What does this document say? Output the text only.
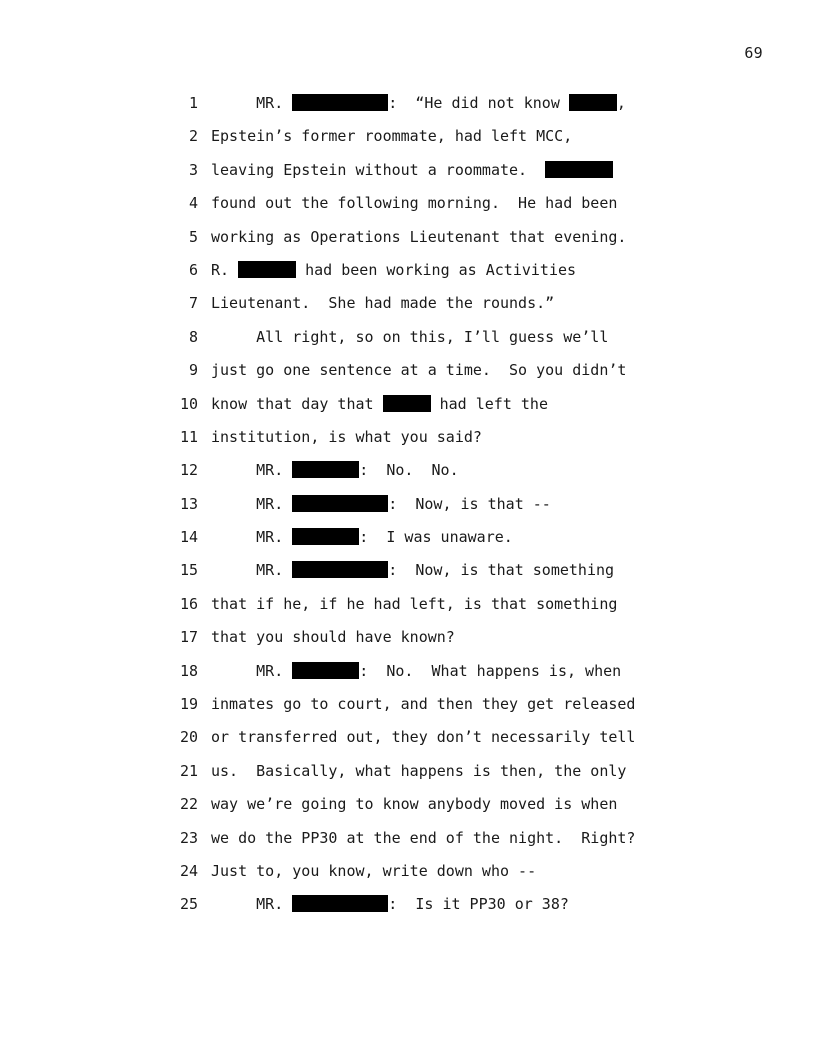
69
1 MR.	:  “He did not know	,
2 Epstein’s former roommate, had left MCC,
3 leaving Epstein without a roommate.
4 found out the following morning.  He had been
5 working as Operations Lieutenant that evening.
6 R.	had been working as Activities
7 Lieutenant.  She had made the rounds.”
8 All right, so on this, I’ll guess we’ll
9 just go one sentence at a time.  So you didn’t
10 know that day that	had left the
11 institution, is what you said?
12 MR.	:  No.  No.
13 MR.	:  Now, is that --
14 MR.	:  I was unaware.
15 MR.	:  Now, is that something
16 that if he, if he had left, is that something
17 that you should have known?
18 MR.	:  No.  What happens is, when
19 inmates go to court, and then they get released
20 or transferred out, they don’t necessarily tell
21 us.  Basically, what happens is then, the only
22 way we’re going to know anybody moved is when
23 we do the PP30 at the end of the night.  Right?
24 Just to, you know, write down who --
25 MR.	:  Is it PP30 or 38?
